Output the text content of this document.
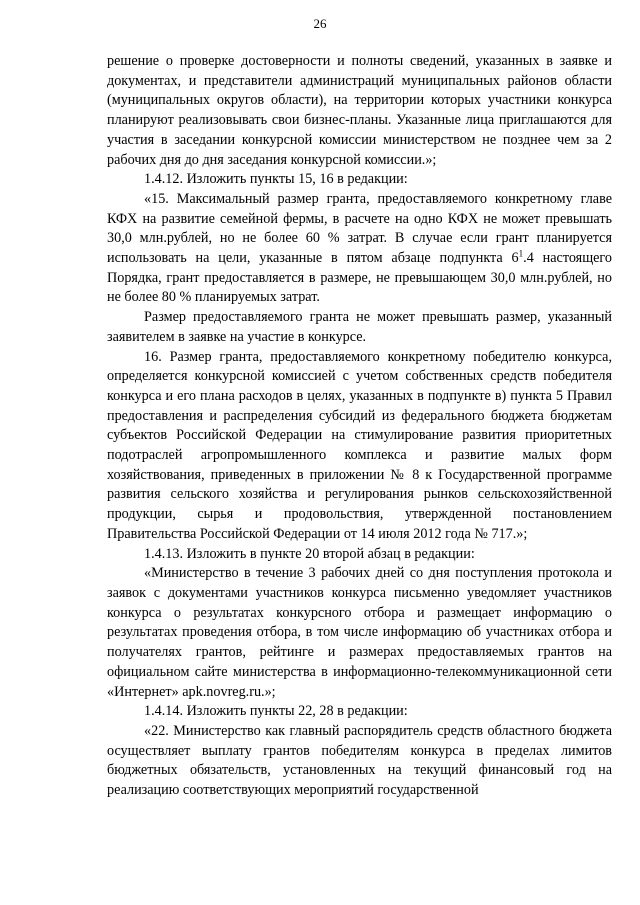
26

решение о проверке достоверности и полноты сведений, указанных в заявке и документах, и представители администраций муниципальных районов области (муниципальных округов области), на территории которых участники конкурса планируют реализовывать свои бизнес-планы. Указанные лица приглашаются для участия в заседании конкурсной комиссии министерством не позднее чем за 2 рабочих дня до дня заседания конкурсной комиссии.»;

1.4.12. Изложить пункты 15, 16 в редакции:

«15. Максимальный размер гранта, предоставляемого конкретному главе КФХ на развитие семейной фермы, в расчете на одно КФХ не может превышать 30,0 млн.рублей, но не более 60 % затрат. В случае если грант планируется использовать на цели, указанные в пятом абзаце подпункта $6^1.4$ настоящего Порядка, грант предоставляется в размере, не превышающем 30,0 млн.рублей, но не более 80 % планируемых затрат.

Размер предоставляемого гранта не может превышать размер, указанный заявителем в заявке на участие в конкурсе.

16. Размер гранта, предоставляемого конкретному победителю конкурса, определяется конкурсной комиссией с учетом собственных средств победителя конкурса и его плана расходов в целях, указанных в подпункте в) пункта 5 Правил предоставления и распределения субсидий из федерального бюджета бюджетам субъектов Российской Федерации на стимулирование развития приоритетных подотраслей агропромышленного комплекса и развитие малых форм хозяйствования, приведенных в приложении № 8 к Государственной программе развития сельского хозяйства и регулирования рынков сельскохозяйственной продукции, сырья и продовольствия, утвержденной постановлением Правительства Российской Федерации от 14 июля 2012 года № 717.»;

1.4.13. Изложить в пункте 20 второй абзац в редакции:

«Министерство в течение 3 рабочих дней со дня поступления протокола и заявок с документами участников конкурса письменно уведомляет участников конкурса о результатах конкурсного отбора и размещает информацию о результатах проведения отбора, в том числе информацию об участниках отбора и получателях грантов, рейтинге и размерах предоставляемых грантов на официальном сайте министерства в информационно-телекоммуникационной сети «Интернет» apk.novreg.ru.»;

1.4.14. Изложить пункты 22, 28 в редакции:

«22. Министерство как главный распорядитель средств областного бюджета осуществляет выплату грантов победителям конкурса в пределах лимитов бюджетных обязательств, установленных на текущий финансовый год на реализацию соответствующих мероприятий государственной
